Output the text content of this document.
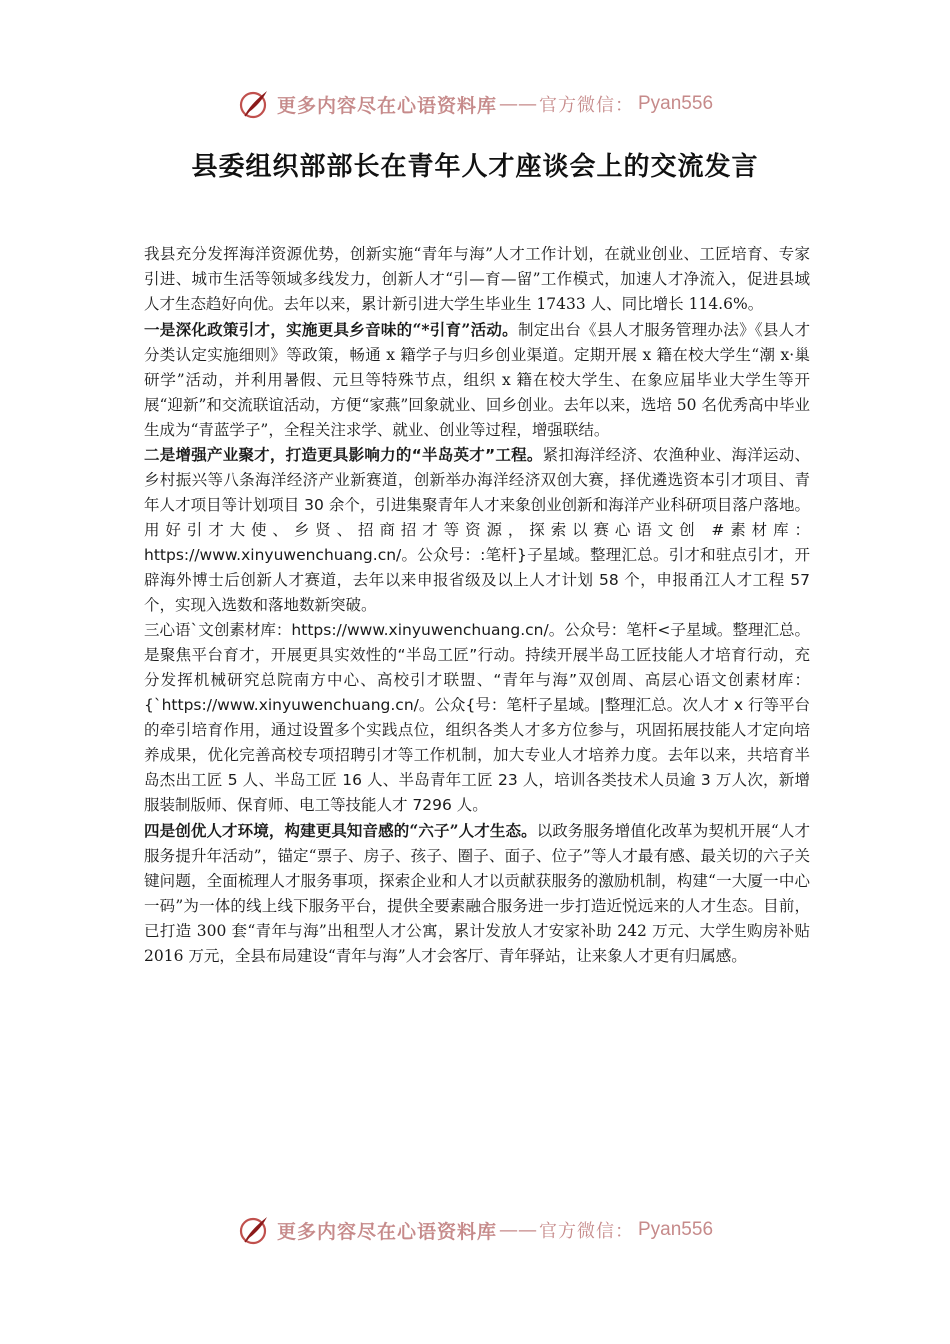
更多内容尽在心语资料库 —— 官方微信： Pyan556
县委组织部部长在青年人才座谈会上的交流发言

我县充分发挥海洋资源优势，创新实施“青年与海”人才工作计划，在就业创业、工匠培育、专家引进、城市生活等领域多线发力，创新人才“引—育—留”工作模式，加速人才净流入，促进县域人才生态趋好向优。去年以来，累计新引进大学生毕业生 17433 人、同比增长 114.6%。

一是深化政策引才，实施更具乡音味的“*引育”活动。制定出台《县人才服务管理办法》《县人才分类认定实施细则》等政策，畅通 x 籍学子与归乡创业渠道。定期开展 x 籍在校大学生“潮 x·巢研学”活动，并利用暑假、元旦等特殊节点，组织 x 籍在校大学生、在象应届毕业大学生等开展“迎新”和交流联谊活动，方便“家燕”回象就业、回乡创业。去年以来，选培 50 名优秀高中毕业生成为“青蓝学子”，全程关注求学、就业、创业等过程，增强联结。

二是增强产业聚才，打造更具影响力的“半岛英才”工程。紧扣海洋经济、农渔种业、海洋运动、乡村振兴等八条海洋经济产业新赛道，创新举办海洋经济双创大赛，择优遴选资本引才项目、青年人才项目等计划项目 30 余个，引进集聚青年人才来象创业创新和海洋产业科研项目落户落地。用好引才大使、乡贤、招商招才等资源，探索以赛心语文创 #素材库：https://www.xinyuwenchuang.cn/。公众号：:笔杆}子星域。整理汇总。引才和驻点引才，开辟海外博士后创新人才赛道，去年以来申报省级及以上人才计划 58 个，申报甬江人才工程 57 个，实现入选数和落地数新突破。

三心语`文创素材库：https://www.xinyuwenchuang.cn/。公众号：笔杆<子星域。整理汇总。是聚焦平台育才，开展更具实效性的“半岛工匠”行动。持续开展半岛工匠技能人才培育行动，充分发挥机械研究总院南方中心、高校引才联盟、“青年与海”双创周、高层心语文创素材库：{`https://www.xinyuwenchuang.cn/。公众{号：笔杆子星域。|整理汇总。次人才 x 行等平台的牵引培育作用，通过设置多个实践点位，组织各类人才多方位参与，巩固拓展技能人才定向培养成果，优化完善高校专项招聘引才等工作机制，加大专业人才培养力度。去年以来，共培育半岛杰出工匠 5 人、半岛工匠 16 人、半岛青年工匠 23 人，培训各类技术人员逾 3 万人次，新增服装制版师、保育师、电工等技能人才 7296 人。

四是创优人才环境，构建更具知音感的“六子”人才生态。以政务服务增值化改革为契机开展“人才服务提升年活动”，锚定“票子、房子、孩子、圈子、面子、位子”等人才最有感、最关切的六子关键问题，全面梳理人才服务事项，探索企业和人才以贡献获服务的激励机制，构建“一大厦一中心一码”为一体的线上线下服务平台，提供全要素融合服务进一步打造近悦远来的人才生态。目前，已打造 300 套“青年与海”出租型人才公寓，累计发放人才安家补助 242 万元、大学生购房补贴 2016 万元，全县布局建设“青年与海”人才会客厅、青年驿站，让来象人才更有归属感。

更多内容尽在心语资料库 —— 官方微信： Pyan556
